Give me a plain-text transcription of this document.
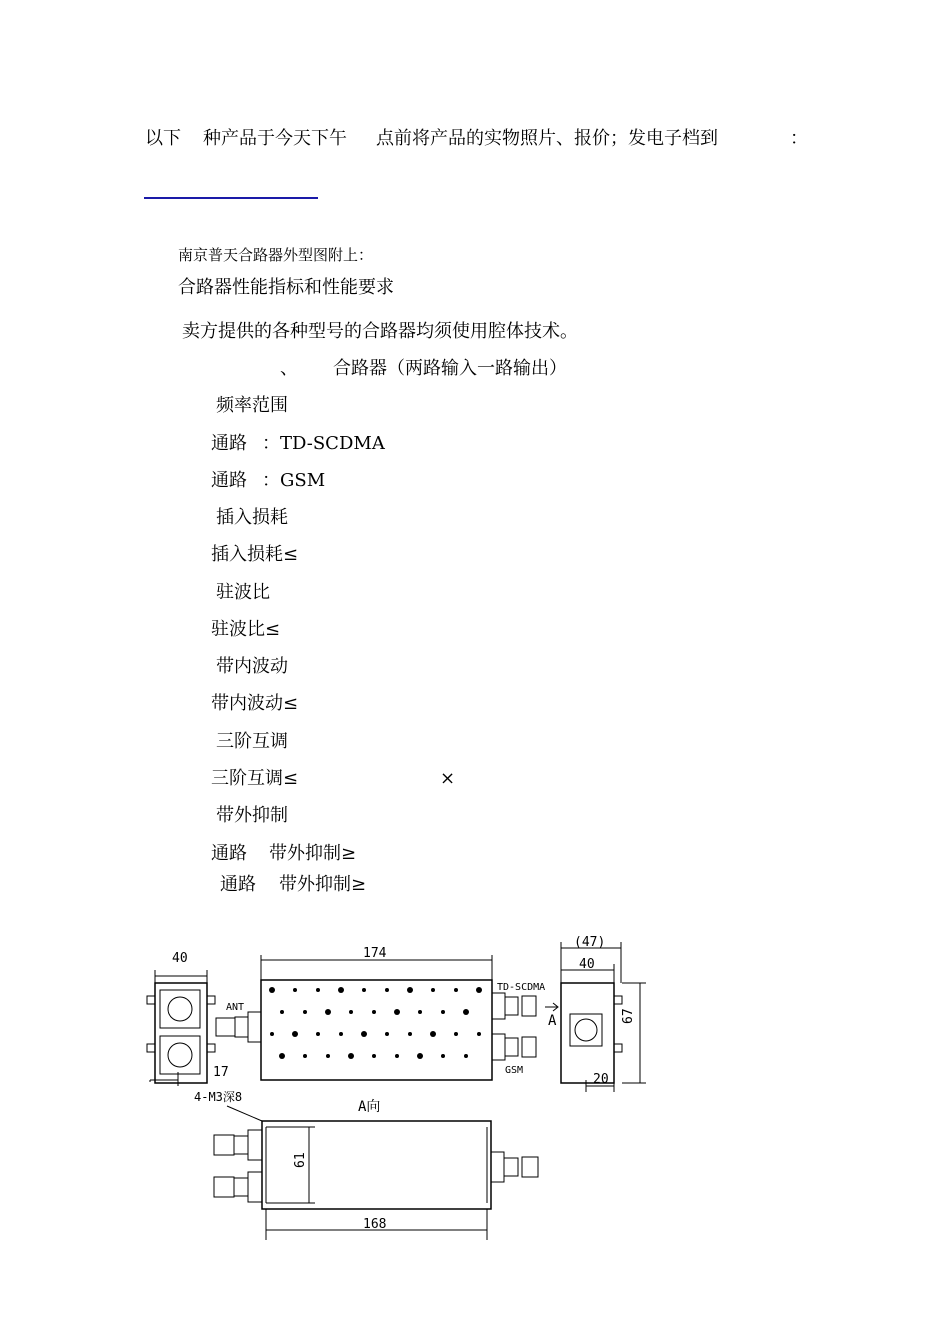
以下 种产品于今天下午 点前将产品的实物照片、报价；发电子档到	：
南京普天合路器外型图附上：
合路器性能指标和性能要求
卖方提供的各种型号的合路器均须使用腔体技术。
、 合路器（两路输入一路输出）
频率范围
通路 ：TD-SCDMA
通路 ：GSM
插入损耗
插入损耗≤
驻波比
驻波比≤
带内波动
带内波动≤
三阶互调
三阶互调≤	×
带外抑制
通路 带外抑制≥
通路 带外抑制≥
40
17
174
ANT
TD-SCDMA
GSM
A
(47)
40
67
20
A向
4-M3深8
61
168
